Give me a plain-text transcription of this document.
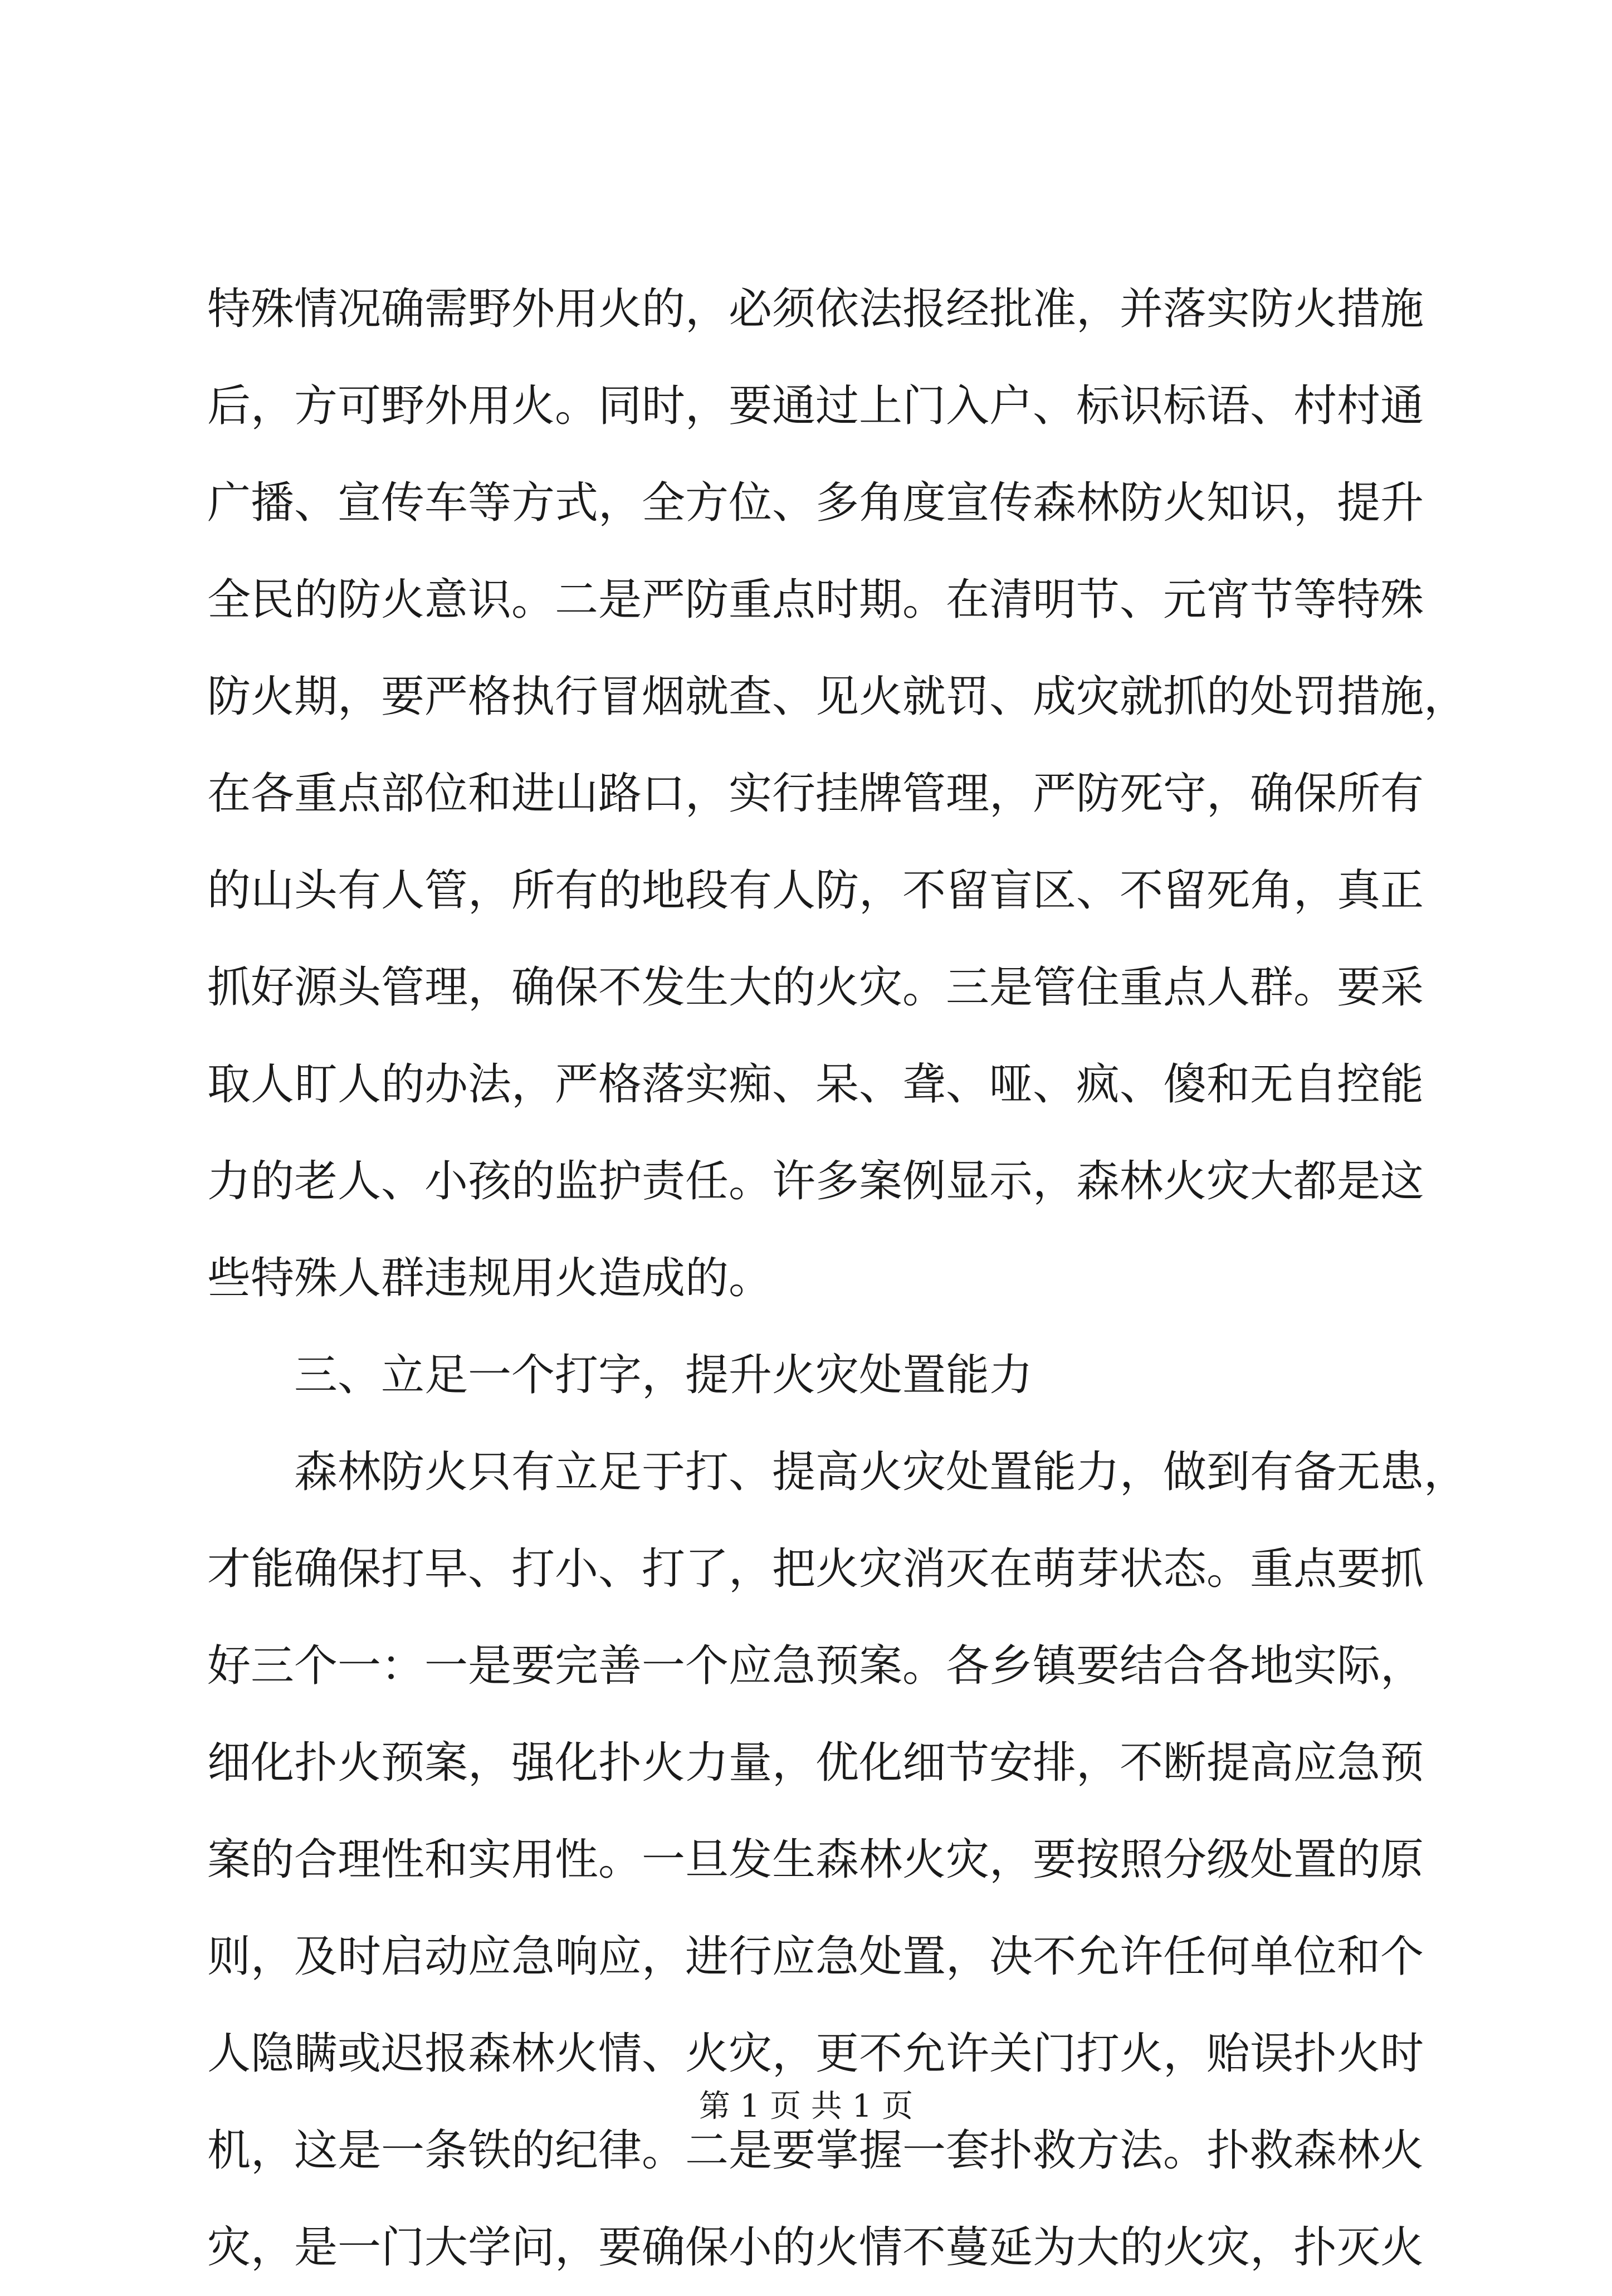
特殊情况确需野外用火的，必须依法报经批准，并落实防火措施
后，方可野外用火。同时，要通过上门入户、标识标语、村村通
广播、宣传车等方式，全方位、多角度宣传森林防火知识，提升
全民的防火意识。二是严防重点时期。在清明节、元宵节等特殊
防火期，要严格执行冒烟就查、见火就罚、成灾就抓的处罚措施，
在各重点部位和进山路口，实行挂牌管理，严防死守，确保所有
的山头有人管，所有的地段有人防，不留盲区、不留死角，真正
抓好源头管理，确保不发生大的火灾。三是管住重点人群。要采
取人盯人的办法，严格落实痴、呆、聋、哑、疯、傻和无自控能
力的老人、小孩的监护责任。许多案例显示，森林火灾大都是这
些特殊人群违规用火造成的。
三、立足一个打字，提升火灾处置能力
森林防火只有立足于打、提高火灾处置能力，做到有备无患，
才能确保打早、打小、打了，把火灾消灭在萌芽状态。重点要抓
好三个一：一是要完善一个应急预案。各乡镇要结合各地实际，
细化扑火预案，强化扑火力量，优化细节安排，不断提高应急预
案的合理性和实用性。一旦发生森林火灾，要按照分级处置的原
则，及时启动应急响应，进行应急处置，决不允许任何单位和个
人隐瞒或迟报森林火情、火灾，更不允许关门打火，贻误扑火时
机，这是一条铁的纪律。二是要掌握一套扑救方法。扑救森林火
灾，是一门大学问，要确保小的火情不蔓延为大的火灾，扑灭火
第 1 页 共 1 页
